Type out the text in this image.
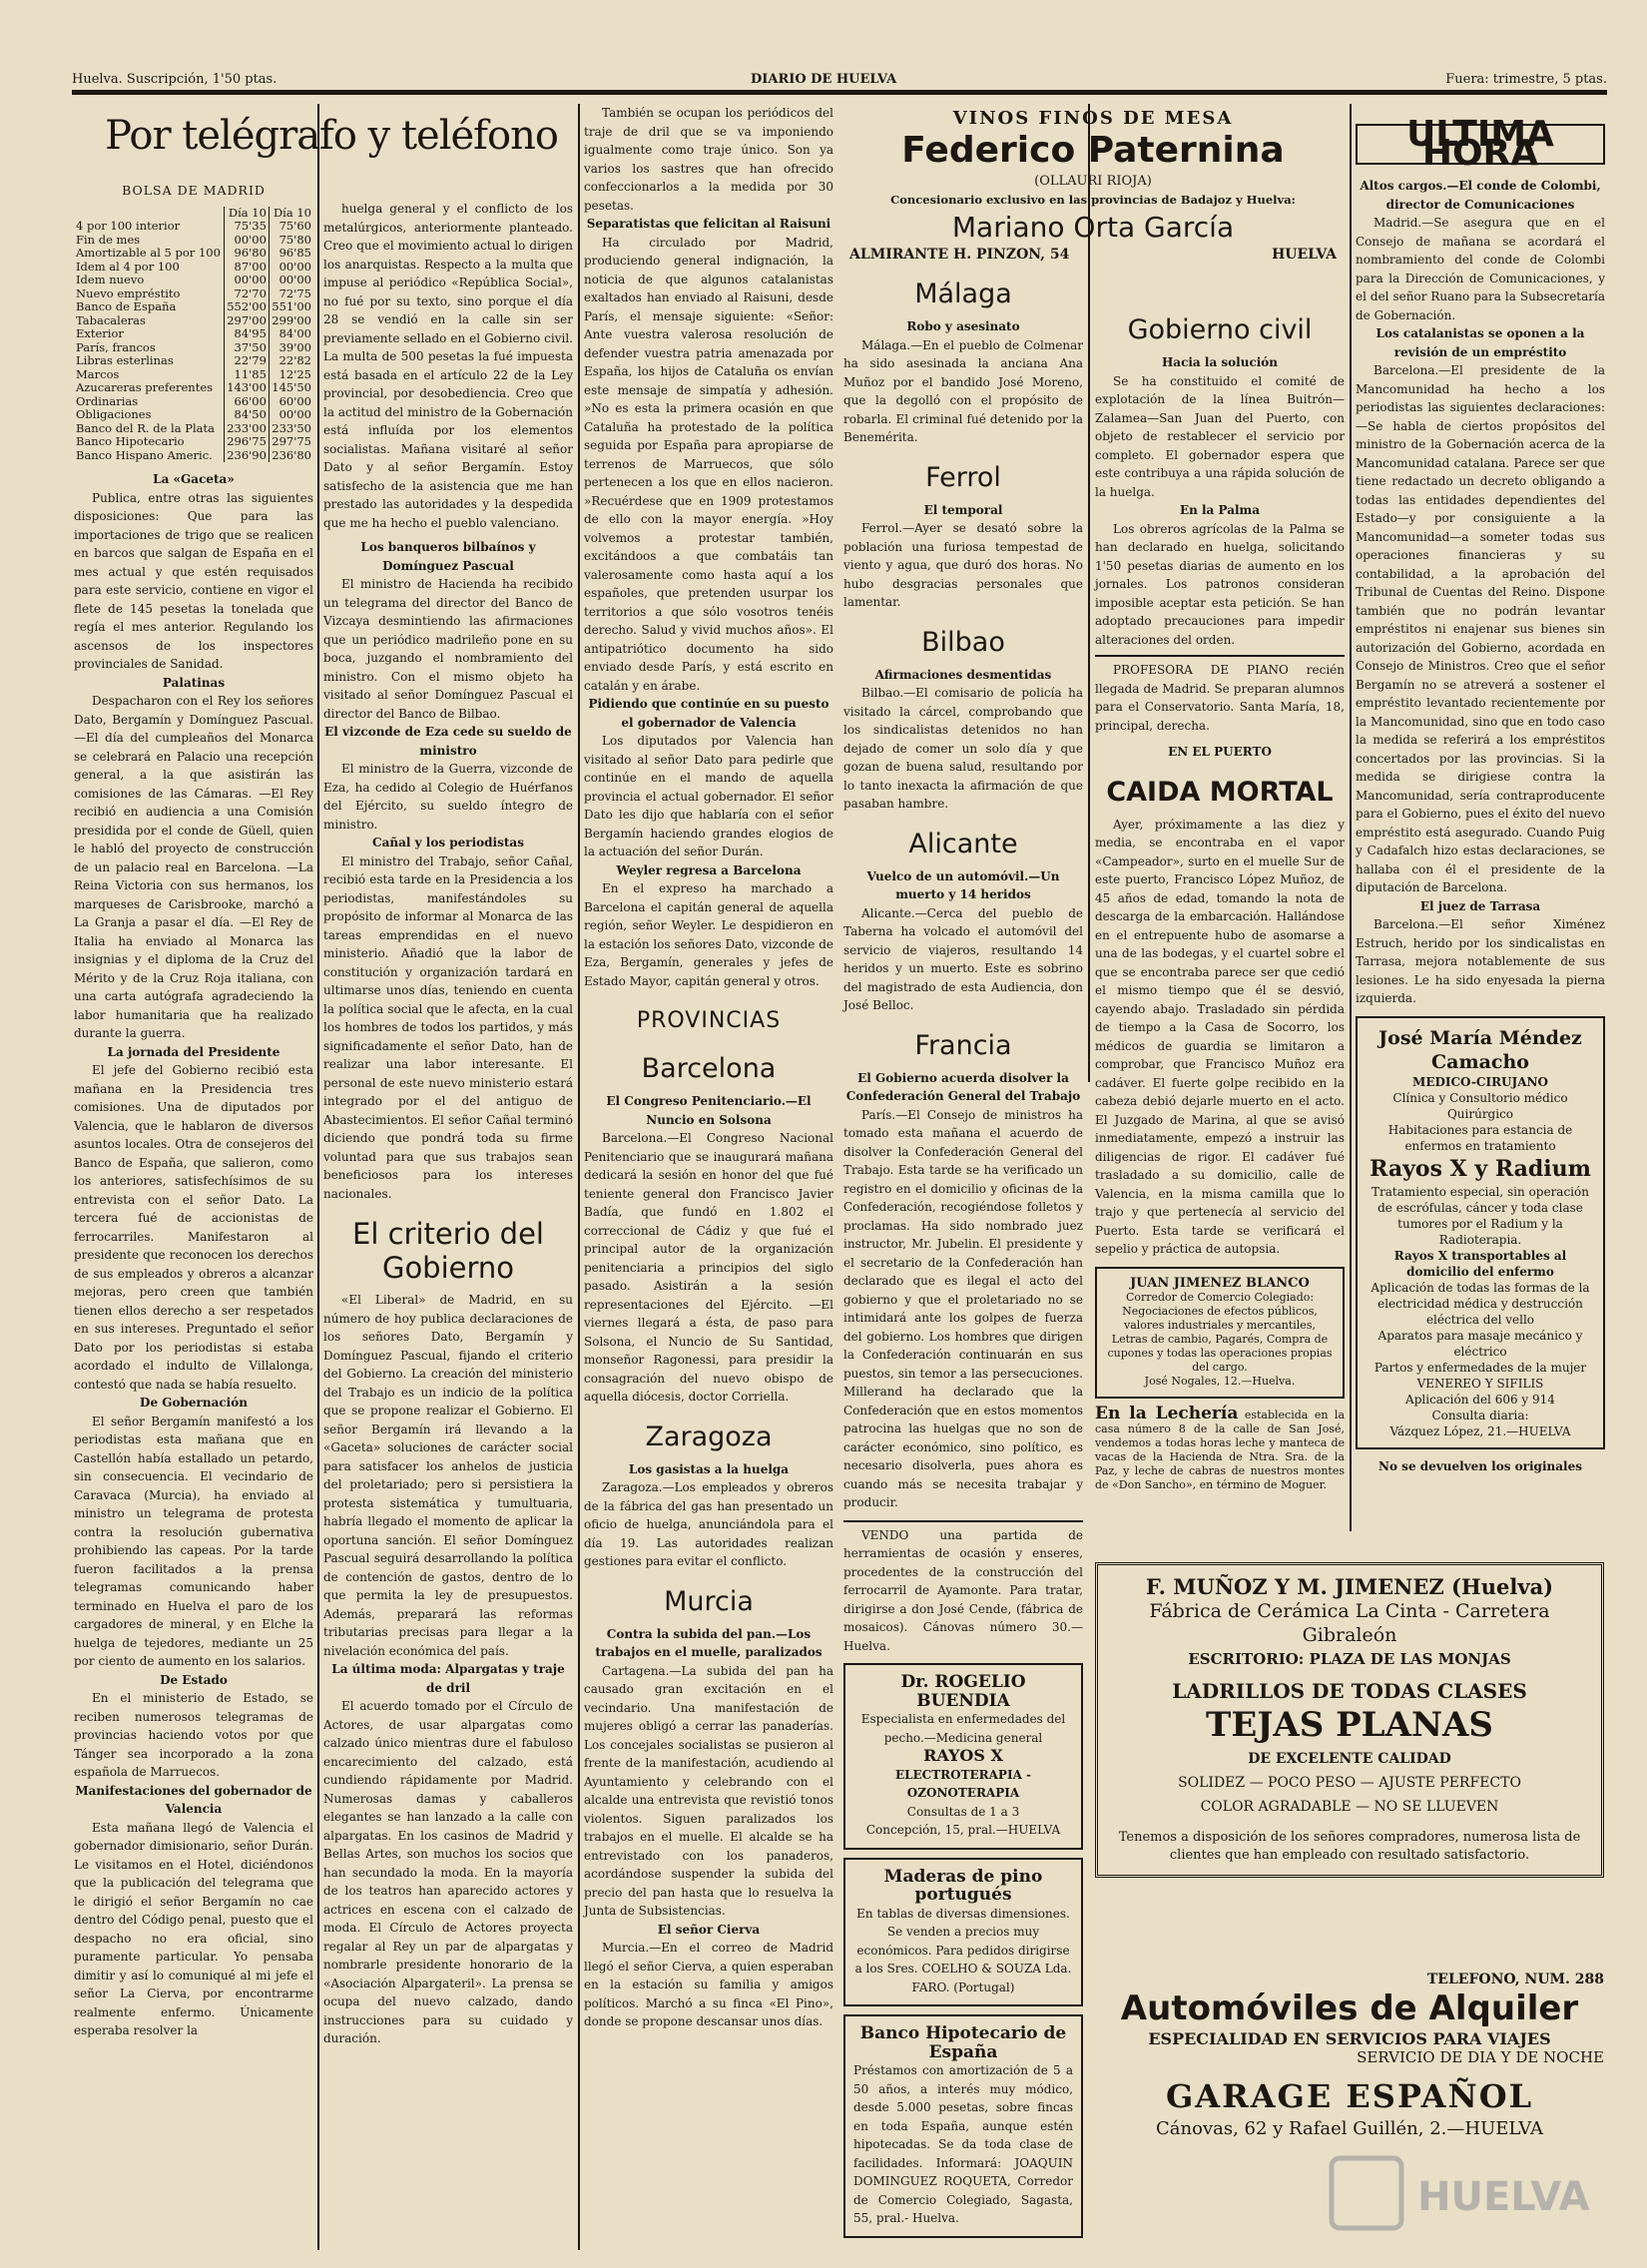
Huelva. Suscripción, 1'50 ptas.	DIARIO DE HUELVA	Fuera: trimestre, 5 ptas.
Por telégrafo y teléfono
BOLSA DE MADRID
	Día 10	Día 10
4 por 100 interior	75'35	75'60
Fin de mes	00'00	75'80
Amortizable al 5 por 100	96'80	96'85
Idem al 4 por 100	87'00	00'00
Idem nuevo	00'00	00'00
Nuevo empréstito	72'70	72'75
Banco de España	552'00	551'00
Tabacaleras	297'00	299'00
Exterior	84'95	84'00
París, francos	37'50	39'00
Libras esterlinas	22'79	22'82
Marcos	11'85	12'25
Azucareras preferentes	143'00	145'50
Ordinarias	66'00	60'00
Obligaciones	84'50	00'00
Banco del R. de la Plata	233'00	233'50
Banco Hipotecario	296'75	297'75
Banco Hispano Americ.	236'90	236'80
La «Gaceta»

Publica, entre otras las siguientes disposiciones: Que para las importaciones de trigo que se realicen en barcos que salgan de España en el mes actual y que estén requisados para este servicio, contiene en vigor el flete de 145 pesetas la tonelada que regía el mes anterior. Regulando los ascensos de los inspectores provinciales de Sanidad.

Palatinas

Despacharon con el Rey los señores Dato, Bergamín y Domínguez Pascual. —El día del cumpleaños del Monarca se celebrará en Palacio una recepción general, a la que asistirán las comisiones de las Cámaras. —El Rey recibió en audiencia a una Comisión presidida por el conde de Güell, quien le habló del proyecto de construcción de un palacio real en Barcelona. —La Reina Victoria con sus hermanos, los marqueses de Carisbrooke, marchó a La Granja a pasar el día. —El Rey de Italia ha enviado al Monarca las insignias y el diploma de la Cruz del Mérito y de la Cruz Roja italiana, con una carta autógrafa agradeciendo la labor humanitaria que ha realizado durante la guerra.

La jornada del Presidente

El jefe del Gobierno recibió esta mañana en la Presidencia tres comisiones. Una de diputados por Valencia, que le hablaron de diversos asuntos locales. Otra de consejeros del Banco de España, que salieron, como los anteriores, satisfechísimos de su entrevista con el señor Dato. La tercera fué de accionistas de ferrocarriles. Manifestaron al presidente que reconocen los derechos de sus empleados y obreros a alcanzar mejoras, pero creen que también tienen ellos derecho a ser respetados en sus intereses. Preguntado el señor Dato por los periodistas si estaba acordado el indulto de Villalonga, contestó que nada se había resuelto.

De Gobernación

El señor Bergamín manifestó a los periodistas esta mañana que en Castellón había estallado un petardo, sin consecuencia. El vecindario de Caravaca (Murcia), ha enviado al ministro un telegrama de protesta contra la resolución gubernativa prohibiendo las capeas. Por la tarde fueron facilitados a la prensa telegramas comunicando haber terminado en Huelva el paro de los cargadores de mineral, y en Elche la huelga de tejedores, mediante un 25 por ciento de aumento en los salarios.

De Estado

En el ministerio de Estado, se reciben numerosos telegramas de provincias haciendo votos por que Tánger sea incorporado a la zona española de Marruecos.

Manifestaciones del gobernador de Valencia

Esta mañana llegó de Valencia el gobernador dimisionario, señor Durán. Le visitamos en el Hotel, diciéndonos que la publicación del telegrama que le dirigió el señor Bergamín no cae dentro del Código penal, puesto que el despacho no era oficial, sino puramente particular. Yo pensaba dimitir y así lo comuniqué al mi jefe el señor La Cierva, por encontrarme realmente enfermo. Únicamente esperaba resolver la

huelga general y el conflicto de los metalúrgicos, anteriormente planteado. Creo que el movimiento actual lo dirigen los anarquistas. Respecto a la multa que impuse al periódico «República Social», no fué por su texto, sino porque el día 28 se vendió en la calle sin ser previamente sellado en el Gobierno civil. La multa de 500 pesetas la fué impuesta está basada en el artículo 22 de la Ley provincial, por desobediencia. Creo que la actitud del ministro de la Gobernación está influída por los elementos socialistas. Mañana visitaré al señor Dato y al señor Bergamín. Estoy satisfecho de la asistencia que me han prestado las autoridades y la despedida que me ha hecho el pueblo valenciano.

Los banqueros bilbaínos y Domínguez Pascual

El ministro de Hacienda ha recibido un telegrama del director del Banco de Vizcaya desmintiendo las afirmaciones que un periódico madrileño pone en su boca, juzgando el nombramiento del ministro. Con el mismo objeto ha visitado al señor Domínguez Pascual el director del Banco de Bilbao.

El vizconde de Eza cede su sueldo de ministro

El ministro de la Guerra, vizconde de Eza, ha cedido al Colegio de Huérfanos del Ejército, su sueldo íntegro de ministro.

Cañal y los periodistas

El ministro del Trabajo, señor Cañal, recibió esta tarde en la Presidencia a los periodistas, manifestándoles su propósito de informar al Monarca de las tareas emprendidas en el nuevo ministerio. Añadió que la labor de constitución y organización tardará en ultimarse unos días, teniendo en cuenta la política social que le afecta, en la cual los hombres de todos los partidos, y más significadamente el señor Dato, han de realizar una labor interesante. El personal de este nuevo ministerio estará integrado por el del antiguo de Abastecimientos. El señor Cañal terminó diciendo que pondrá toda su firme voluntad para que sus trabajos sean beneficiosos para los intereses nacionales.

El criterio del Gobierno

«El Liberal» de Madrid, en su número de hoy publica declaraciones de los señores Dato, Bergamín y Domínguez Pascual, fijando el criterio del Gobierno. La creación del ministerio del Trabajo es un indicio de la política que se propone realizar el Gobierno. El señor Bergamín irá llevando a la «Gaceta» soluciones de carácter social para satisfacer los anhelos de justicia del proletariado; pero si persistiera la protesta sistemática y tumultuaria, habría llegado el momento de aplicar la oportuna sanción. El señor Domínguez Pascual seguirá desarrollando la política de contención de gastos, dentro de lo que permita la ley de presupuestos. Además, preparará las reformas tributarias precisas para llegar a la nivelación económica del país.

La última moda: Alpargatas y traje de dril

El acuerdo tomado por el Círculo de Actores, de usar alpargatas como calzado único mientras dure el fabuloso encarecimiento del calzado, está cundiendo rápidamente por Madrid. Numerosas damas y caballeros elegantes se han lanzado a la calle con alpargatas. En los casinos de Madrid y Bellas Artes, son muchos los socios que han secundado la moda. En la mayoría de los teatros han aparecido actores y actrices en escena con el calzado de moda. El Círculo de Actores proyecta regalar al Rey un par de alpargatas y nombrarle presidente honorario de la «Asociación Alpargateril». La prensa se ocupa del nuevo calzado, dando instrucciones para su cuidado y duración.

También se ocupan los periódicos del traje de dril que se va imponiendo igualmente como traje único. Son ya varios los sastres que han ofrecido confeccionarlos a la medida por 30 pesetas.

Separatistas que felicitan al Raisuni

Ha circulado por Madrid, produciendo general indignación, la noticia de que algunos catalanistas exaltados han enviado al Raisuni, desde París, el mensaje siguiente: «Señor: Ante vuestra valerosa resolución de defender vuestra patria amenazada por España, los hijos de Cataluña os envían este mensaje de simpatía y adhesión. »No es esta la primera ocasión en que Cataluña ha protestado de la política seguida por España para apropiarse de terrenos de Marruecos, que sólo pertenecen a los que en ellos nacieron. »Recuérdese que en 1909 protestamos de ello con la mayor energía. »Hoy volvemos a protestar también, excitándoos a que combatáis tan valerosamente como hasta aquí a los españoles, que pretenden usurpar los territorios a que sólo vosotros tenéis derecho. Salud y vivid muchos años». El antipatriótico documento ha sido enviado desde París, y está escrito en catalán y en árabe.

Pidiendo que continúe en su puesto el gobernador de Valencia

Los diputados por Valencia han visitado al señor Dato para pedirle que continúe en el mando de aquella provincia el actual gobernador. El señor Dato les dijo que hablaría con el señor Bergamín haciendo grandes elogios de la actuación del señor Durán.

Weyler regresa a Barcelona

En el expreso ha marchado a Barcelona el capitán general de aquella región, señor Weyler. Le despidieron en la estación los señores Dato, vizconde de Eza, Bergamín, generales y jefes de Estado Mayor, capitán general y otros.

PROVINCIAS
Barcelona
El Congreso Penitenciario.—El Nuncio en Solsona

Barcelona.—El Congreso Nacional Penitenciario que se inaugurará mañana dedicará la sesión en honor del que fué teniente general don Francisco Javier Badía, que fundó en 1.802 el correccional de Cádiz y que fué el principal autor de la organización penitenciaria a principios del siglo pasado. Asistirán a la sesión representaciones del Ejército. —El viernes llegará a ésta, de paso para Solsona, el Nuncio de Su Santidad, monseñor Ragonessi, para presidir la consagración del nuevo obispo de aquella diócesis, doctor Corriella.

Zaragoza
Los gasistas a la huelga

Zaragoza.—Los empleados y obreros de la fábrica del gas han presentado un oficio de huelga, anunciándola para el día 19. Las autoridades realizan gestiones para evitar el conflicto.

Murcia
Contra la subida del pan.—Los trabajos en el muelle, paralizados

Cartagena.—La subida del pan ha causado gran excitación en el vecindario. Una manifestación de mujeres obligó a cerrar las panaderías. Los concejales socialistas se pusieron al frente de la manifestación, acudiendo al Ayuntamiento y celebrando con el alcalde una entrevista que revistió tonos violentos. Siguen paralizados los trabajos en el muelle. El alcalde se ha entrevistado con los panaderos, acordándose suspender la subida del precio del pan hasta que lo resuelva la Junta de Subsistencias.

El señor Cierva

Murcia.—En el correo de Madrid llegó el señor Cierva, a quien esperaban en la estación su familia y amigos políticos. Marchó a su finca «El Pino», donde se propone descansar unos días.

VINOS FINOS DE MESA
Federico Paternina
(OLLAURI RIOJA)
Concesionario exclusivo en las provincias de Badajoz y Huelva:
Mariano Orta García
ALMIRANTE H. PINZON, 54	HUELVA
Málaga
Robo y asesinato

Málaga.—En el pueblo de Colmenar ha sido asesinada la anciana Ana Muñoz por el bandido José Moreno, que la degolló con el propósito de robarla. El criminal fué detenido por la Benemérita.

Ferrol
El temporal

Ferrol.—Ayer se desató sobre la población una furiosa tempestad de viento y agua, que duró dos horas. No hubo desgracias personales que lamentar.

Bilbao
Afirmaciones desmentidas

Bilbao.—El comisario de policía ha visitado la cárcel, comprobando que los sindicalistas detenidos no han dejado de comer un solo día y que gozan de buena salud, resultando por lo tanto inexacta la afirmación de que pasaban hambre.

Alicante
Vuelco de un automóvil.—Un muerto y 14 heridos

Alicante.—Cerca del pueblo de Taberna ha volcado el automóvil del servicio de viajeros, resultando 14 heridos y un muerto. Este es sobrino del magistrado de esta Audiencia, don José Belloc.

Francia
El Gobierno acuerda disolver la Confederación General del Trabajo

París.—El Consejo de ministros ha tomado esta mañana el acuerdo de disolver la Confederación General del Trabajo. Esta tarde se ha verificado un registro en el domicilio y oficinas de la Confederación, recogiéndose folletos y proclamas. Ha sido nombrado juez instructor, Mr. Jubelin. El presidente y el secretario de la Confederación han declarado que es ilegal el acto del gobierno y que el proletariado no se intimidará ante los golpes de fuerza del gobierno. Los hombres que dirigen la Confederación continuarán en sus puestos, sin temor a las persecuciones. Millerand ha declarado que la Confederación que en estos momentos patrocina las huelgas que no son de carácter económico, sino político, es necesario disolverla, pues ahora es cuando más se necesita trabajar y producir.

VENDO una partida de herramientas de ocasión y enseres, procedentes de la construcción del ferrocarril de Ayamonte. Para tratar, dirigirse a don José Cende, (fábrica de mosaicos). Cánovas número 30.—Huelva.

Dr. ROGELIO BUENDIA
Especialista en enfermedades del pecho.—Medicina general
RAYOS X
ELECTROTERAPIA - OZONOTERAPIA
Consultas de 1 a 3
Concepción, 15, pral.—HUELVA
Maderas de pino portugués
En tablas de diversas dimensiones. Se venden a precios muy económicos. Para pedidos dirigirse a los Sres. COELHO & SOUZA Lda. FARO. (Portugal)
Banco Hipotecario de España
Préstamos con amortización de 5 a 50 años, a interés muy módico, desde 5.000 pesetas, sobre fincas en toda España, aunque estén hipotecadas. Se da toda clase de facilidades. Informará: JOAQUIN DOMINGUEZ ROQUETA, Corredor de Comercio Colegiado, Sagasta, 55, pral.- Huelva.
Gobierno civil
Hacia la solución

Se ha constituido el comité de explotación de la línea Buitrón—Zalamea—San Juan del Puerto, con objeto de restablecer el servicio por completo. El gobernador espera que este contribuya a una rápida solución de la huelga.

En la Palma

Los obreros agrícolas de la Palma se han declarado en huelga, solicitando 1'50 pesetas diarias de aumento en los jornales. Los patronos consideran imposible aceptar esta petición. Se han adoptado precauciones para impedir alteraciones del orden.

PROFESORA DE PIANO recién llegada de Madrid. Se preparan alumnos para el Conservatorio. Santa María, 18, principal, derecha.

EN EL PUERTO
CAIDA MORTAL

Ayer, próximamente a las diez y media, se encontraba en el vapor «Campeador», surto en el muelle Sur de este puerto, Francisco López Muñoz, de 45 años de edad, tomando la nota de descarga de la embarcación. Hallándose en el entrepuente hubo de asomarse a una de las bodegas, y el cuartel sobre el que se encontraba parece ser que cedió el mismo tiempo que él se desvió, cayendo abajo. Trasladado sin pérdida de tiempo a la Casa de Socorro, los médicos de guardia se limitaron a comprobar, que Francisco Muñoz era cadáver. El fuerte golpe recibido en la cabeza debió dejarle muerto en el acto. El Juzgado de Marina, al que se avisó inmediatamente, empezó a instruir las diligencias de rigor. El cadáver fué trasladado a su domicilio, calle de Valencia, en la misma camilla que lo trajo y que pertenecía al servicio del Puerto. Esta tarde se verificará el sepelio y práctica de autopsia.

JUAN JIMENEZ BLANCO
Corredor de Comercio Colegiado:
Negociaciones de efectos públicos, valores industriales y mercantiles, Letras de cambio, Pagarés, Compra de cupones y todas las operaciones propias del cargo.
José Nogales, 12.—Huelva.
En la Lechería establecida en la casa número 8 de la calle de San José, vendemos a todas horas leche y manteca de vacas de la Hacienda de Ntra. Sra. de la Paz, y leche de cabras de nuestros montes de «Don Sancho», en término de Moguer.
ULTIMA HORA
Altos cargos.—El conde de Colombi, director de Comunicaciones

Madrid.—Se asegura que en el Consejo de mañana se acordará el nombramiento del conde de Colombi para la Dirección de Comunicaciones, y el del señor Ruano para la Subsecretaría de Gobernación.

Los catalanistas se oponen a la revisión de un empréstito

Barcelona.—El presidente de la Mancomunidad ha hecho a los periodistas las siguientes declaraciones: —Se habla de ciertos propósitos del ministro de la Gobernación acerca de la Mancomunidad catalana. Parece ser que tiene redactado un decreto obligando a todas las entidades dependientes del Estado—y por consiguiente a la Mancomunidad—a someter todas sus operaciones financieras y su contabilidad, a la aprobación del Tribunal de Cuentas del Reino. Dispone también que no podrán levantar empréstitos ni enajenar sus bienes sin autorización del Gobierno, acordada en Consejo de Ministros. Creo que el señor Bergamín no se atreverá a sostener el empréstito levantado recientemente por la Mancomunidad, sino que en todo caso la medida se referirá a los empréstitos concertados por las provincias. Si la medida se dirigiese contra la Mancomunidad, sería contraproducente para el Gobierno, pues el éxito del nuevo empréstito está asegurado. Cuando Puig y Cadafalch hizo estas declaraciones, se hallaba con él el presidente de la diputación de Barcelona.

El juez de Tarrasa

Barcelona.—El señor Ximénez Estruch, herido por los sindicalistas en Tarrasa, mejora notablemente de sus lesiones. Le ha sido enyesada la pierna izquierda.

José María Méndez Camacho
MEDICO-CIRUJANO
Clínica y Consultorio médico Quirúrgico
Habitaciones para estancia de enfermos en tratamiento
Rayos X y Radium
Tratamiento especial, sin operación de escrófulas, cáncer y toda clase tumores por el Radium y la Radioterapia.
Rayos X transportables al domicilio del enfermo
Aplicación de todas las formas de la electricidad médica y destrucción eléctrica del vello
Aparatos para masaje mecánico y eléctrico
Partos y enfermedades de la mujer
VENEREO Y SIFILIS
Aplicación del 606 y 914
Consulta diaria:
Vázquez López, 21.—HUELVA
No se devuelven los originales
F. MUÑOZ Y M. JIMENEZ (Huelva)
Fábrica de Cerámica La Cinta - Carretera Gibraleón
ESCRITORIO: PLAZA DE LAS MONJAS
LADRILLOS DE TODAS CLASES
TEJAS PLANAS
DE EXCELENTE CALIDAD
SOLIDEZ — POCO PESO — AJUSTE PERFECTO
COLOR AGRADABLE — NO SE LLUEVEN
Tenemos a disposición de los señores compradores, numerosa lista de clientes que han empleado con resultado satisfactorio.
TELEFONO, NUM. 288
Automóviles de Alquiler
ESPECIALIDAD EN SERVICIOS PARA VIAJES
SERVICIO DE DIA Y DE NOCHE
GARAGE ESPAÑOL
Cánovas, 62 y Rafael Guillén, 2.—HUELVA
HUELVA
